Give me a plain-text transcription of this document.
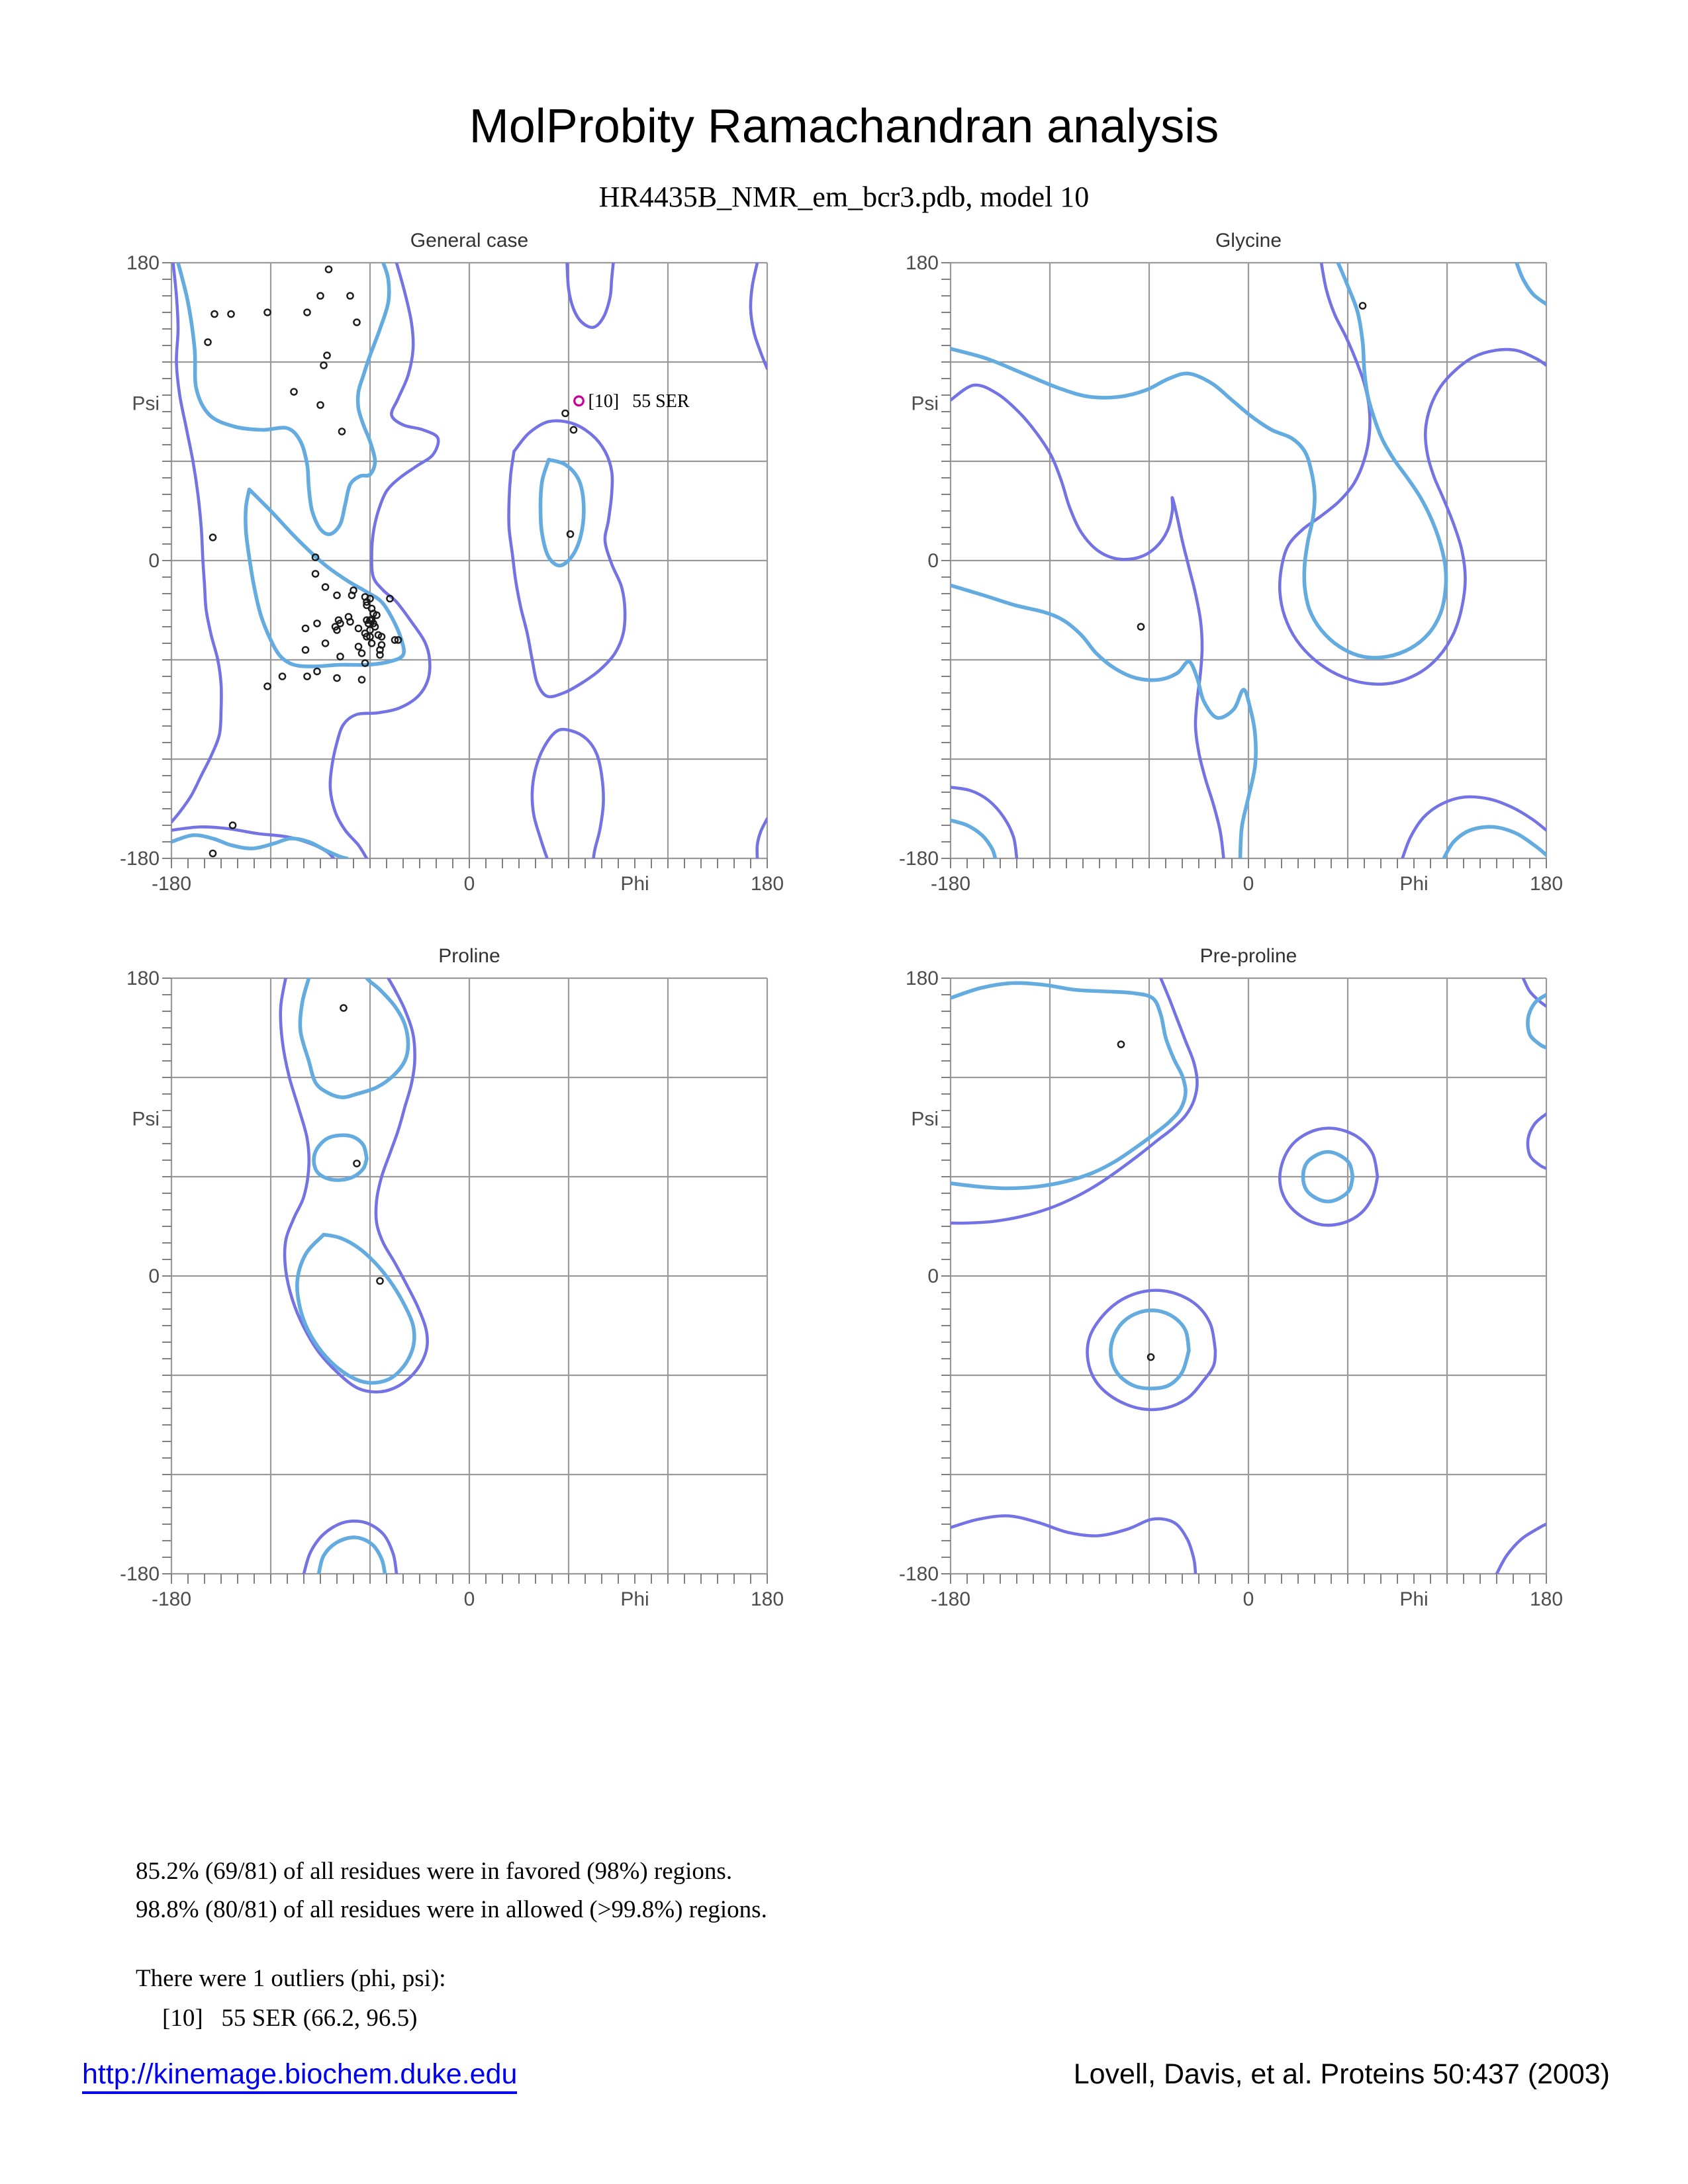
MolProbity Ramachandran analysis
HR4435B_NMR_em_bcr3.pdb, model 10
[10] 55 SER
180
Psi
0
-180
-180	0	Phi	180
General case
180
Psi
0
-180
-180	0	Phi	180
Glycine
180
Psi
0
-180
-180	0	Phi	180
Proline
180
Psi
0
-180
-180	0	Phi	180
Pre-proline
85.2% (69/81) of all residues were in favored (98%) regions.
98.8% (80/81) of all residues were in allowed (>99.8%) regions.
There were 1 outliers (phi, psi):
[10]   55 SER (66.2, 96.5)
http://kinemage.biochem.duke.edu	Lovell, Davis, et al. Proteins 50:437 (2003)
